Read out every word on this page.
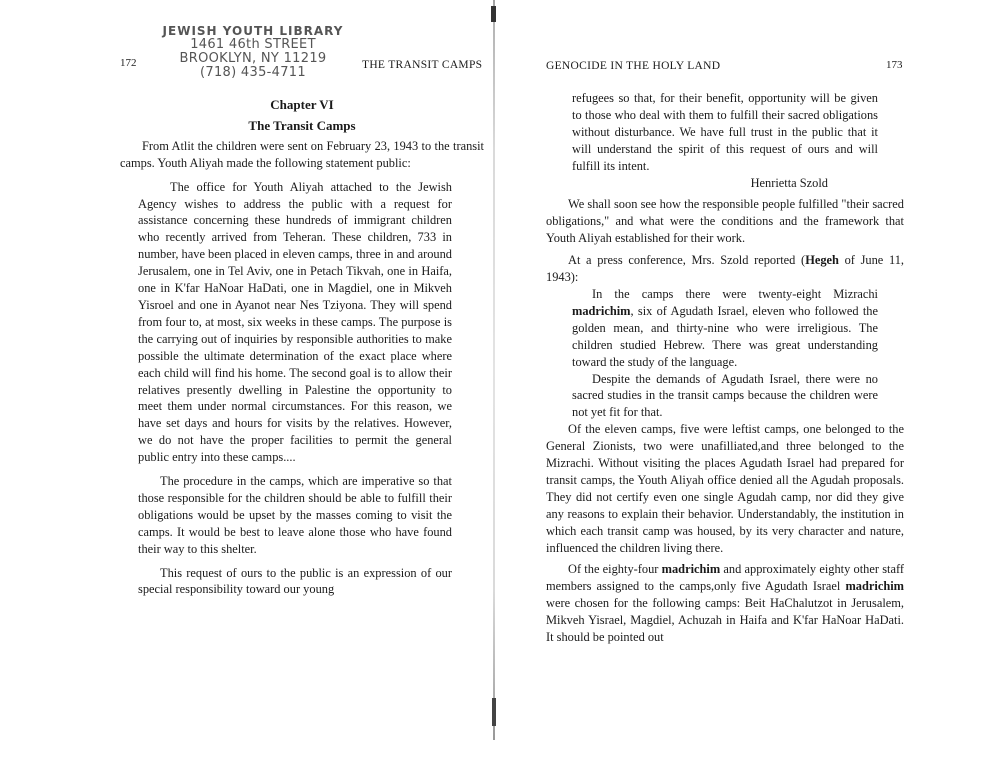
JEWISH YOUTH LIBRARY
1461 46th STREET
BROOKLYN, NY 11219
(718) 435-4711
172	THE TRANSIT CAMPS	GENOCIDE IN THE HOLY LAND	173
Chapter VI
The Transit Camps

From Atlit the children were sent on February 23, 1943 to the transit camps. Youth Aliyah made the following statement public:

The office for Youth Aliyah attached to the Jewish Agency wishes to address the public with a request for assistance concerning these hundreds of immigrant children who recently arrived from Teheran. These children, 733 in number, have been placed in eleven camps, three in and around Jerusalem, one in Tel Aviv, one in Petach Tikvah, one in Haifa, one in K'far HaNoar HaDati, one in Magdiel, one in Mikveh Yisroel and one in Ayanot near Nes Tziyona. They will spend from four to, at most, six weeks in these camps. The purpose is the carrying out of inquiries by responsible authorities to make possible the ultimate determination of the exact place where each child will find his home. The second goal is to allow their relatives presently dwelling in Palestine the opportunity to meet them under normal circumstances. For this reason, we have set days and hours for visits by the relatives. However, we do not have the proper facilities to permit the general public entry into these camps....

The procedure in the camps, which are imperative so that those responsible for the children should be able to fulfill their obligations would be upset by the masses coming to visit the camps. It would be best to leave alone those who have found their way to this shelter.

This request of ours to the public is an expression of our special responsibility toward our young

refugees so that, for their benefit, opportunity will be given to those who deal with them to fulfill their sacred obligations without disturbance. We have full trust in the public that it will understand the spirit of this request of ours and will fulfill its intent.

Henrietta Szold

We shall soon see how the responsible people fulfilled "their sacred obligations," and what were the conditions and the framework that Youth Aliyah established for their work.

At a press conference, Mrs. Szold reported (Hegeh of June 11, 1943):

In the camps there were twenty-eight Mizrachi madrichim, six of Agudath Israel, eleven who followed the golden mean, and thirty-nine who were irreligious. The children studied Hebrew. There was great understanding toward the study of the language.

Despite the demands of Agudath Israel, there were no sacred studies in the transit camps because the children were not yet fit for that.

Of the eleven camps, five were leftist camps, one belonged to the General Zionists, two were unafilliated,and three belonged to the Mizrachi. Without visiting the places Agudath Israel had prepared for transit camps, the Youth Aliyah office denied all the Agudah proposals. They did not certify even one single Agudah camp, nor did they give any reasons to explain their behavior. Understandably, the institution in which each transit camp was housed, by its very character and nature, influenced the children living there.

Of the eighty-four madrichim and approximately eighty other staff members assigned to the camps,only five Agudath Israel madrichim were chosen for the following camps: Beit HaChalutzot in Jerusalem, Mikveh Yisrael, Magdiel, Achuzah in Haifa and K'far HaNoar HaDati. It should be pointed out
